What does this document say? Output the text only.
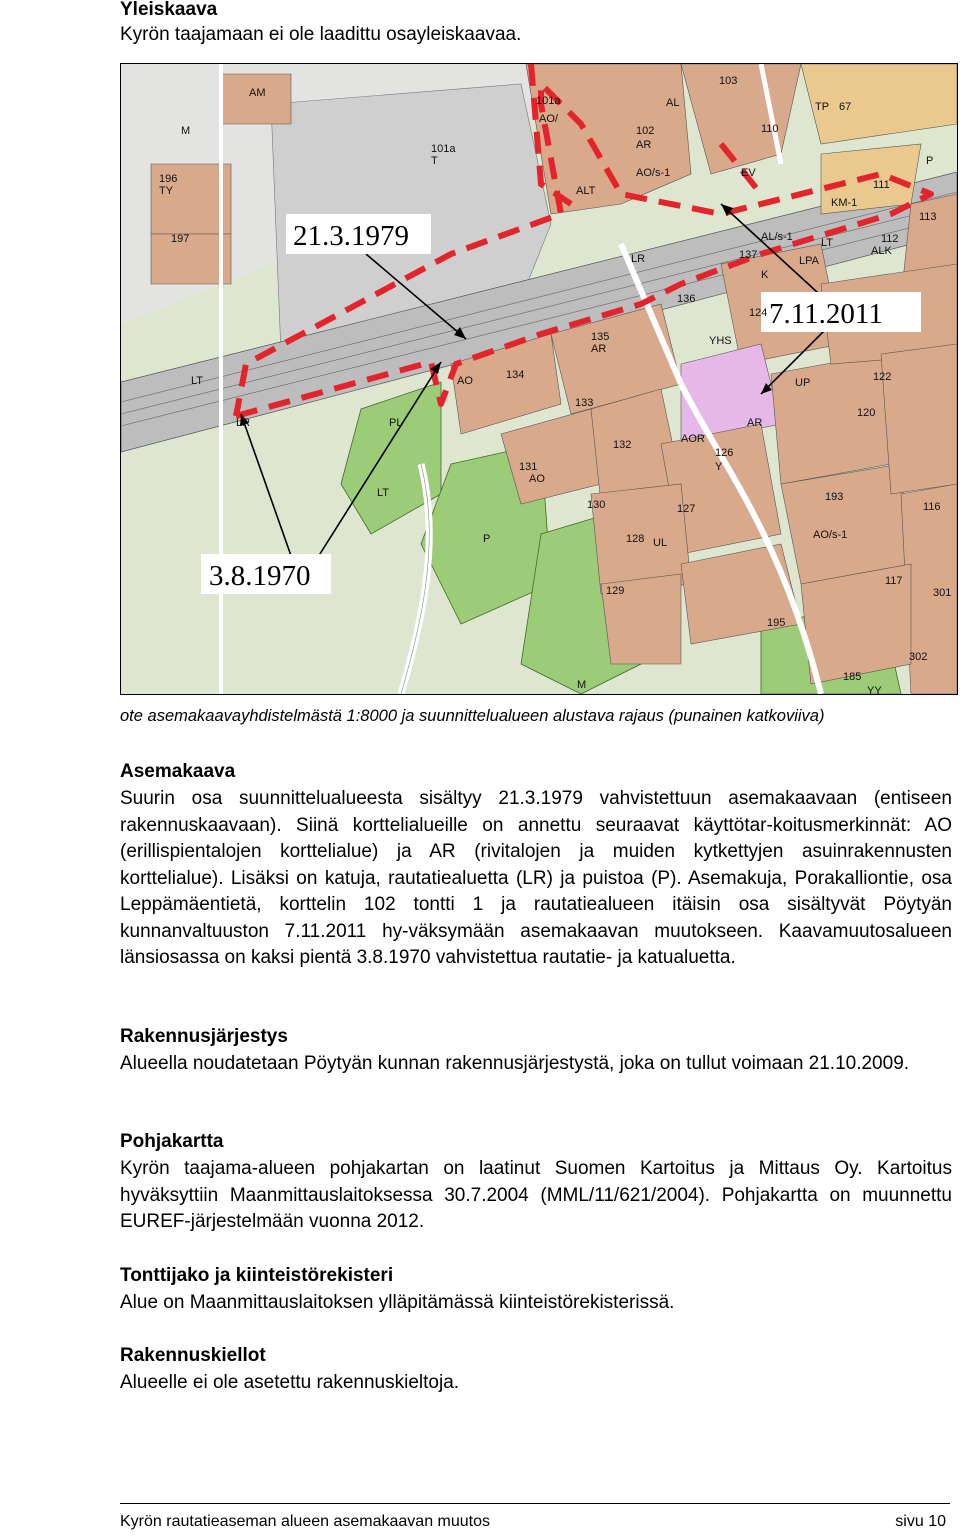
Yleiskaava

Kyrön taajamaan ei ole laadittu osayleiskaavaa.

21.3.1979
7.11.2011
3.8.1970
AM
M
TY
196
197
101a
T
101a
AO/
102
AR
AO/s-1
AL
103
110
TP 67
P
111
KM-1
113
112
ALK
LT
LPA
AL/s-1
137
LR
136
124
YHS
135
AR
134
AO
LT
PL
LR
133
132
131
AO
126
Y
AR
122
120
UP
193
116
130	127
128
129
UL
AO/s-1
117
301
195
302
185
YY
M
P
LT
ALT
EV
AOR
K
ote asemakaavayhdistelmästä 1:8000 ja suunnittelualueen alustava rajaus (punainen katkoviiva)
Asemakaava

Suurin osa suunnittelualueesta sisältyy 21.3.1979 vahvistettuun asemakaavaan (entiseen rakennuskaavaan). Siinä korttelialueille on annettu seuraavat käyttötar-koitusmerkinnät: AO (erillispientalojen korttelialue) ja AR (rivitalojen ja muiden kytkettyjen asuinrakennusten korttelialue). Lisäksi on katuja, rautatiealuetta (LR) ja puistoa (P). Asemakuja, Porakalliontie, osa Leppämäentietä, korttelin 102 tontti 1 ja rautatiealueen itäisin osa sisältyvät Pöytyän kunnanvaltuuston 7.11.2011 hy-väksymään asemakaavan muutokseen. Kaavamuutosalueen länsiosassa on kaksi pientä 3.8.1970 vahvistettua rautatie- ja katualuetta.

Rakennusjärjestys

Alueella noudatetaan Pöytyän kunnan rakennusjärjestystä, joka on tullut voimaan 21.10.2009.

Pohjakartta

Kyrön taajama-alueen pohjakartan on laatinut Suomen Kartoitus ja Mittaus Oy. Kartoitus hyväksyttiin Maanmittauslaitoksessa 30.7.2004 (MML/11/621/2004). Pohjakartta on muunnettu EUREF-järjestelmään vuonna 2012.

Tonttijako ja kiinteistörekisteri

Alue on Maanmittauslaitoksen ylläpitämässä kiinteistörekisterissä.

Rakennuskiellot

Alueelle ei ole asetettu rakennuskieltoja.

Kyrön rautatieaseman alueen asemakaavan muutos	sivu 10
